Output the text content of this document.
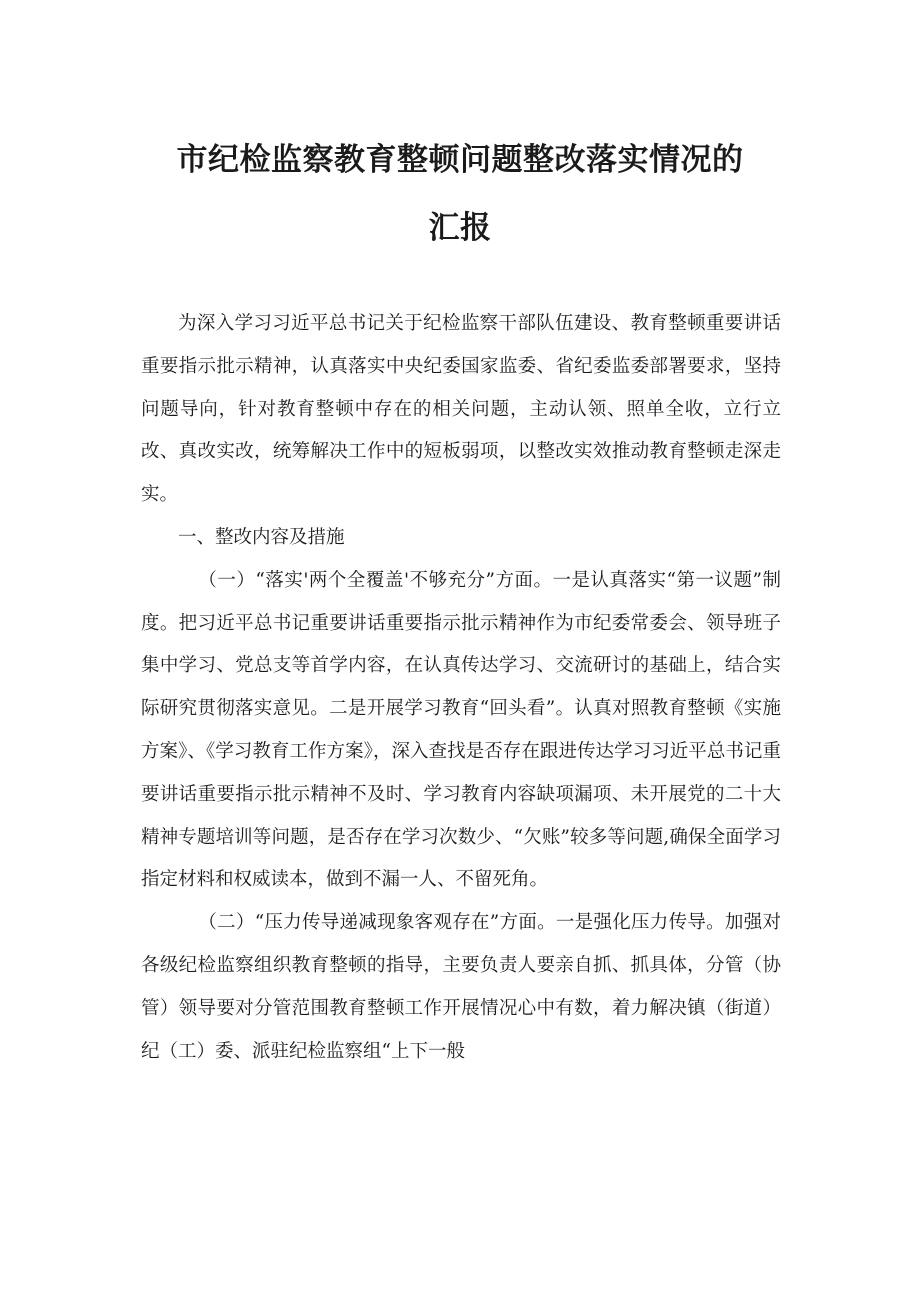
市纪检监察教育整顿问题整改落实情况的
汇报

为深入学习习近平总书记关于纪检监察干部队伍建设、教育整顿重要讲话重要指示批示精神，认真落实中央纪委国家监委、省纪委监委部署要求，坚持问题导向，针对教育整顿中存在的相关问题，主动认领、照单全收，立行立改、真改实改，统筹解决工作中的短板弱项，以整改实效推动教育整顿走深走实。

一、整改内容及措施

（一）“落实'两个全覆盖'不够充分”方面。一是认真落实“第一议题”制度。把习近平总书记重要讲话重要指示批示精神作为市纪委常委会、领导班子集中学习、党总支等首学内容，在认真传达学习、交流研讨的基础上，结合实际研究贯彻落实意见。二是开展学习教育“回头看”。认真对照教育整顿《实施方案》、《学习教育工作方案》，深入查找是否存在跟进传达学习习近平总书记重要讲话重要指示批示精神不及时、学习教育内容缺项漏项、未开展党的二十大精神专题培训等问题，是否存在学习次数少、“欠账”较多等问题,确保全面学习指定材料和权威读本，做到不漏一人、不留死角。

（二）“压力传导递减现象客观存在”方面。一是强化压力传导。加强对各级纪检监察组织教育整顿的指导，主要负责人要亲自抓、抓具体，分管（协管）领导要对分管范围教育整顿工作开展情况心中有数，着力解决镇（街道）纪（工）委、派驻纪检监察组“上下一般
